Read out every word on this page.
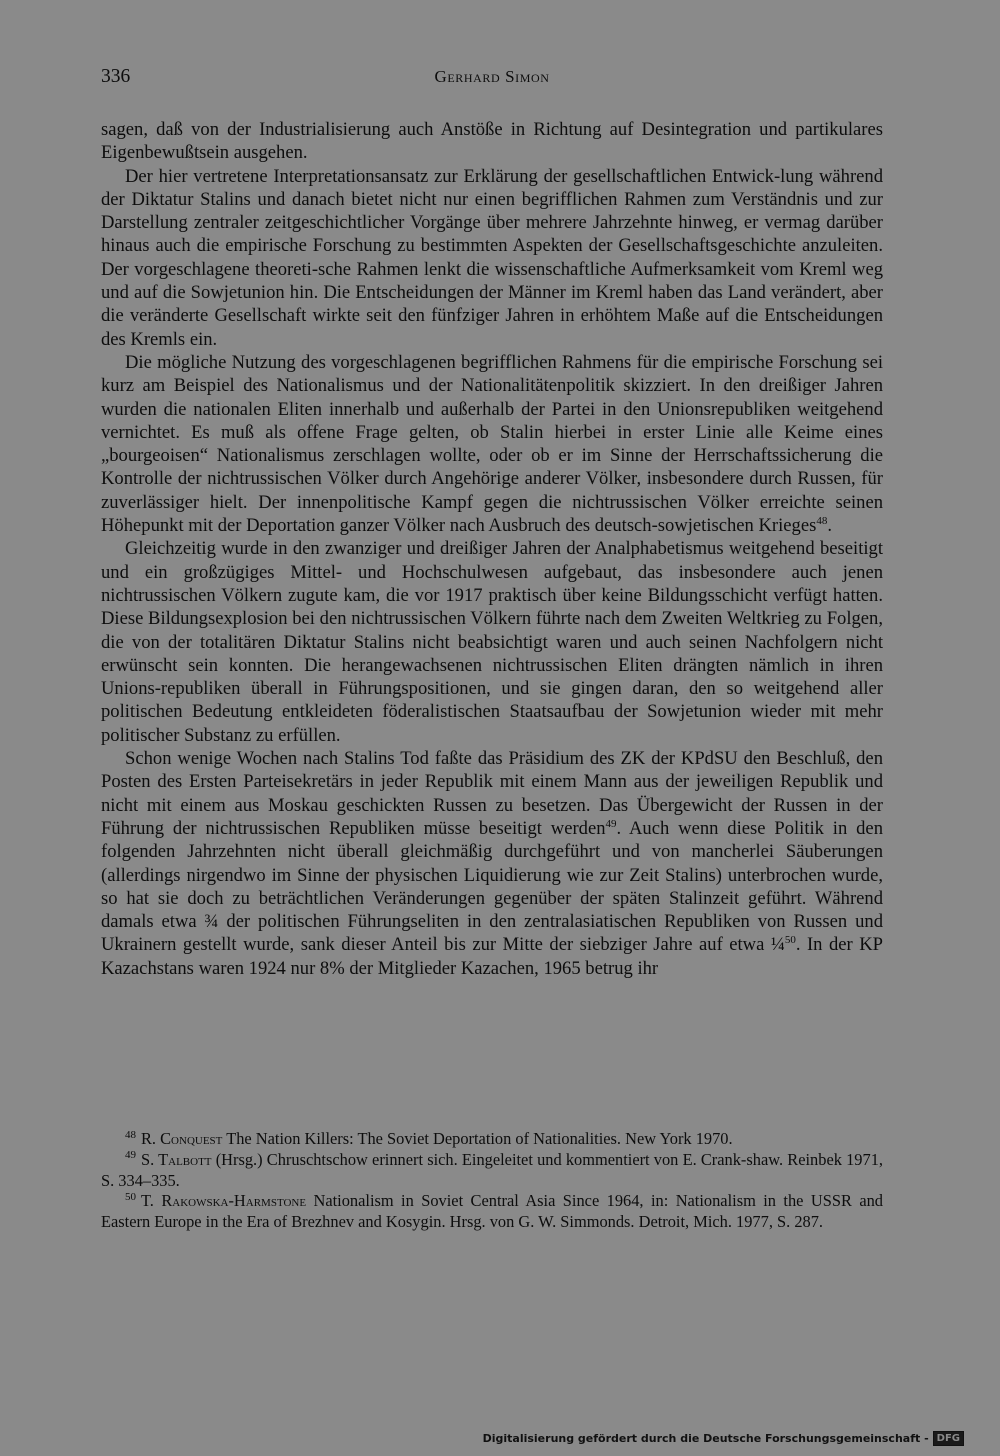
336	Gerhard Simon

sagen, daß von der Industrialisierung auch Anstöße in Richtung auf Desintegration und partikulares Eigenbewußtsein ausgehen.

Der hier vertretene Interpretationsansatz zur Erklärung der gesellschaftlichen Entwick-lung während der Diktatur Stalins und danach bietet nicht nur einen begrifflichen Rahmen zum Verständnis und zur Darstellung zentraler zeitgeschichtlicher Vorgänge über mehrere Jahrzehnte hinweg, er vermag darüber hinaus auch die empirische Forschung zu bestimmten Aspekten der Gesellschaftsgeschichte anzuleiten. Der vorgeschlagene theoreti-sche Rahmen lenkt die wissenschaftliche Aufmerksamkeit vom Kreml weg und auf die Sowjetunion hin. Die Entscheidungen der Männer im Kreml haben das Land verändert, aber die veränderte Gesellschaft wirkte seit den fünfziger Jahren in erhöhtem Maße auf die Entscheidungen des Kremls ein.

Die mögliche Nutzung des vorgeschlagenen begrifflichen Rahmens für die empirische Forschung sei kurz am Beispiel des Nationalismus und der Nationalitätenpolitik skizziert. In den dreißiger Jahren wurden die nationalen Eliten innerhalb und außerhalb der Partei in den Unionsrepubliken weitgehend vernichtet. Es muß als offene Frage gelten, ob Stalin hierbei in erster Linie alle Keime eines „bourgeoisen“ Nationalismus zerschlagen wollte, oder ob er im Sinne der Herrschaftssicherung die Kontrolle der nichtrussischen Völker durch Angehörige anderer Völker, insbesondere durch Russen, für zuverlässiger hielt. Der innenpolitische Kampf gegen die nichtrussischen Völker erreichte seinen Höhepunkt mit der Deportation ganzer Völker nach Ausbruch des deutsch-sowjetischen Krieges$^{48}$.

Gleichzeitig wurde in den zwanziger und dreißiger Jahren der Analphabetismus weitgehend beseitigt und ein großzügiges Mittel- und Hochschulwesen aufgebaut, das insbesondere auch jenen nichtrussischen Völkern zugute kam, die vor 1917 praktisch über keine Bildungsschicht verfügt hatten. Diese Bildungsexplosion bei den nichtrussischen Völkern führte nach dem Zweiten Weltkrieg zu Folgen, die von der totalitären Diktatur Stalins nicht beabsichtigt waren und auch seinen Nachfolgern nicht erwünscht sein konnten. Die herangewachsenen nichtrussischen Eliten drängten nämlich in ihren Unions-republiken überall in Führungspositionen, und sie gingen daran, den so weitgehend aller politischen Bedeutung entkleideten föderalistischen Staatsaufbau der Sowjetunion wieder mit mehr politischer Substanz zu erfüllen.

Schon wenige Wochen nach Stalins Tod faßte das Präsidium des ZK der KPdSU den Beschluß, den Posten des Ersten Parteisekretärs in jeder Republik mit einem Mann aus der jeweiligen Republik und nicht mit einem aus Moskau geschickten Russen zu besetzen. Das Übergewicht der Russen in der Führung der nichtrussischen Republiken müsse beseitigt werden$^{49}$. Auch wenn diese Politik in den folgenden Jahrzehnten nicht überall gleichmäßig durchgeführt und von mancherlei Säuberungen (allerdings nirgendwo im Sinne der physischen Liquidierung wie zur Zeit Stalins) unterbrochen wurde, so hat sie doch zu beträchtlichen Veränderungen gegenüber der späten Stalinzeit geführt. Während damals etwa ¾ der politischen Führungseliten in den zentralasiatischen Republiken von Russen und Ukrainern gestellt wurde, sank dieser Anteil bis zur Mitte der siebziger Jahre auf etwa ¼$^{50}$. In der KP Kazachstans waren 1924 nur 8% der Mitglieder Kazachen, 1965 betrug ihr

$^{48}$ R. Conquest The Nation Killers: The Soviet Deportation of Nationalities. New York 1970.

$^{49}$ S. Talbott (Hrsg.) Chruschtschow erinnert sich. Eingeleitet und kommentiert von E. Crank-shaw. Reinbek 1971, S. 334–335.

$^{50}$ T. Rakowska-Harmstone Nationalism in Soviet Central Asia Since 1964, in: Nationalism in the USSR and Eastern Europe in the Era of Brezhnev and Kosygin. Hrsg. von G. W. Simmonds. Detroit, Mich. 1977, S. 287.

Digitalisierung gefördert durch die Deutsche Forschungsgemeinschaft - DFG
